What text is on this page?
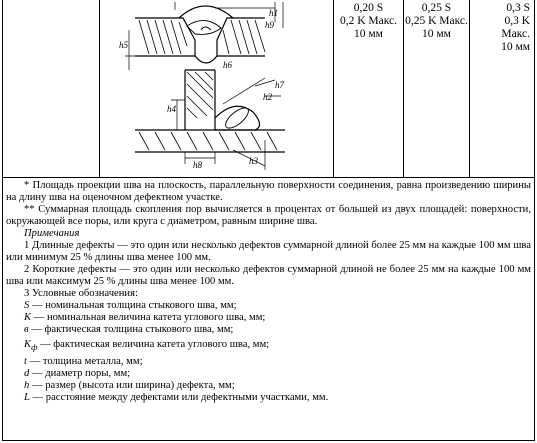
h1
h2
h3
h4
h5
h6
h7
h8
h9
0,20 S
0,2 K Макс.
10 мм
0,25 S
0,25 K Макс.
10 мм
0,3 S
0,3 K
Макс.
10 мм

* Площадь проекции шва на плоскость, параллельную поверхности соединения, равна произведению ширины на длину шва на оценочном дефектном участке.

** Суммарная площадь скопления пор вычисляется в процентах от большей из двух площадей: поверхности, окружающей все поры, или круга с диаметром, равным ширине шва.

Примечания

1 Длинные дефекты — это один или несколько дефектов суммарной длиной более 25 мм на каждые 100 мм шва или минимум 25 % длины шва менее 100 мм.

2 Короткие дефекты — это один или несколько дефектов суммарной длиной не более 25 мм на каждые 100 мм шва или максимум 25 % длины шва менее 100 мм.

3 Условные обозначения:

S — номинальная толщина стыкового шва, мм;

K — номинальная величина катета углового шва, мм;

в — фактическая толщина стыкового шва, мм;

$K_ф$ — фактическая величина катета углового шва, мм;

t — толщина металла, мм;

d — диаметр поры, мм;

h — размер (высота или ширина) дефекта, мм;

L — расстояние между дефектами или дефектными участками, мм.
